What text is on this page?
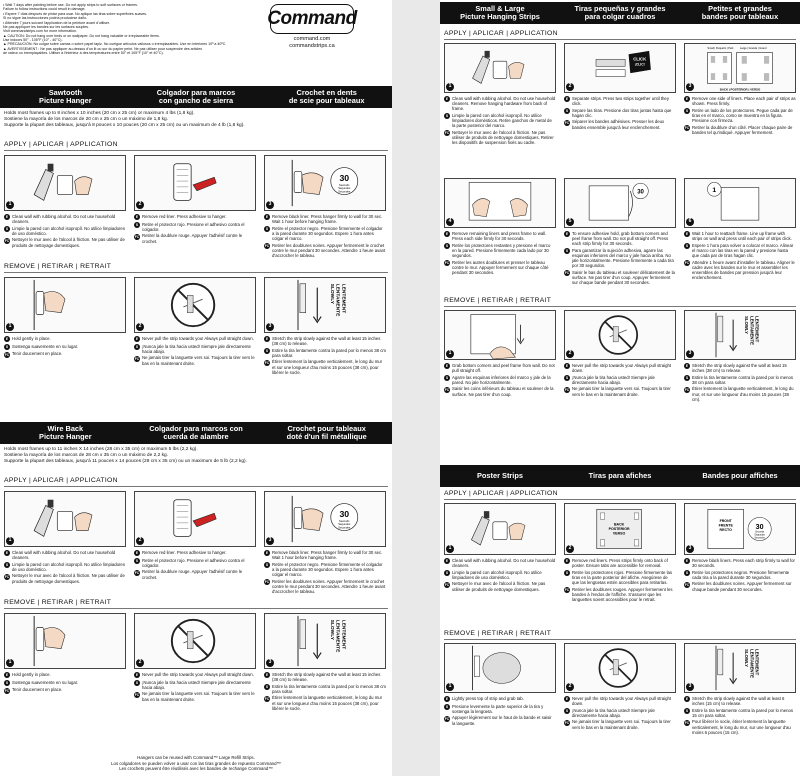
• Wait 7 days after painting before use. Do not apply strips to soft surfaces or frames.
Failure to follow instructions could result in damage.
• Espere 7 días después de pintar para usar. No aplique las tiras sobre superficies suaves.
Si no sigue las instrucciones podría producirse daño.
• Attendre 7 jours suivant l'application de la peinture avant d'utiliser.
Ne pas appliquer les bandes sur les surfaces souples.
Visit commandstrips.com for more information.
▲ CAUTION: Do not hang over beds or on wallpaper. Do not hang valuable or irreplaceable items.
Use indoors 50° - 105°F (10° - 40°C).
▲ PRECAUCIÓN: No colgar sobre camas o sobre papel tapiz. No cuelgue artículos valiosos o irremplazables. Use en interiores 10º a 40ºC.
▲ AVERTISSEMENT : Ne pas appliquer au-dessus d'un lit ou sur du papier peint. Ne pas utiliser pour suspendre des articles
de valeur ou irremplaçables. Utiliser à l'intérieur à des températures entre 50° et 105°F (10° et 40°C).
Command
command.com
commandstrips.ca
Hangers can be reused with Command™ Large Refill Strips.
Los colgadores se pueden volver a usar con las tiras grandes de repuesto Command™
Les crochets peuvent être réutilisés avec les bandes de rechange Command™
Sawtooth
Picture Hanger
Colgador para marcos
con gancho de sierra
Crochet en dents
de scie pour tableaux
Holds most frames up to 8 inches x 10 inches (20 cm x 25 cm) or maximum 4 lbs (1,8 kg).
Sostiene la mayoría de los marcos de 20 cm x 25 cm o un máximo de 1,8 kg.
Supporte la plupart des tableaux, jusqu'à 8 pouces x 10 pouces (20 cm x 25 cm) ou un maximum de 4 lb (1,8 kg).
APPLY | APLICAR | APPLICATION
1
E Clean wall with rubbing alcohol. Do not use household cleaners.
S Limpie la pared con alcohol isopropíl. No utilice limpiadores de uso doméstico.
FC Nettoyer le mur avec de l'alcool à friction. Ne pas utiliser de produits de nettoyage domestiques.
2
E Remove red liner. Press adhesive to hanger.
S Retire el protector rojo. Presione el adhesivo contra el colgador.
FC Retirer la doublure rouge. Appuyer l'adhésif contre le crochet.
30
Seconds
Segundos
Secondes
3
E Remove black liner. Press hanger firmly to wall for 30 sec. Wait 1 hour before hanging frame.
S Retire el protector negro. Presione firmemente el colgador a la pared durante 30 segundos. Espere 1 hora antes colgar el marco.
FC Retirer les doublures noires. Appuyer fermement le crochet contre le mur pendant 30 secondes. Attendre 1 heure avant d'accrocher le tableau.
REMOVE | RETIRAR | RETRAIT
1
E Hold gently in place.
S Sostenga suavemente en su lugar.
FC Tenir doucement en place.
2
E Never pull the strip towards you! Always pull straight down.
S ¡Nunca jale la tira hacia usted! Siempre jale directamente hacia abajo.
FC Ne jamais tirer la languette vers soi. Toujours la tirer vers le bas en la maintenant droite.
SLOWLY LENTAMENTE LENTEMENT
3
E Stretch the strip slowly against the wall at least 15 inches (38 cm) to release.
S Estire la tira lentamente contra la pared por lo menos 38 cm para soltar.
FC Étirer lentement la languette verticalement, le long du mur et sur une longueur d'au moins 15 pouces (38 cm), pour libérer le socle.
Wire Back
Picture Hanger
Colgador para marcos con
cuerda de alambre
Crochet pour tableaux
doté d'un fil métallique
Holds most frames up to 11 inches X 14 inches (28 cm x 35 cm) or maximum 5 lbs (2,2 kg).
Sostiene la mayoría de los marcos de 28 cm x 35 cm o un máximo de 2,2 kg.
Supporte la plupart des tableaux, jusqu'à 11 pouces x 14 pouces (28 cm x 35 cm) ou un maximum de 5 lb (2,2 kg).
APPLY | APLICAR | APPLICATION
1
E Clean wall with rubbing alcohol. Do not use household cleaners.
S Limpie la pared con alcohol isopropíl. No utilice limpiadores de uso doméstico.
FC Nettoyer le mur avec de l'alcool à friction. Ne pas utiliser de produits de nettoyage domestiques.
2
E Remove red liner. Press adhesive to hanger.
S Retire el protector rojo. Presione el adhesivo contra el colgador.
FC Retirer la doublure rouge. Appuyer l'adhésif contre le crochet.
30
Seconds
Segundos
Secondes
3
E Remove black liner. Press hanger firmly to wall for 30 sec. Wait 1 hour before hanging frame.
S Retire el protector negro. Presione firmemente el colgador a la pared durante 30 segundos. Espere 1 hora antes colgar el marco.
FC Retirer les doublures noires. Appuyer fermement le crochet contre le mur pendant 30 secondes. Attendre 1 heure avant d'accrocher le tableau.
REMOVE | RETIRAR | RETRAIT
1
E Hold gently in place.
S Sostenga suavemente en su lugar.
FC Tenir doucement en place.
2
E Never pull the strip towards you! Always pull straight down.
S ¡Nunca jale la tira hacia usted! Siempre jale directamente hacia abajo.
FC Ne jamais tirer la languette vers soi. Toujours la tirer vers le bas en la maintenant droite.
SLOWLY LENTAMENTE LENTEMENT
3
E Stretch the strip slowly against the wall at least 15 inches (38 cm) to release.
S Estire la tira lentamente contra la pared por lo menos 38 cm para soltar.
FC Étirer lentement la languette verticalement, le long du mur et sur une longueur d'au moins 15 pouces (38 cm), pour libérer le socle.
Small & Large
Picture Hanging Strips
Tiras pequeñas y grandes
para colgar cuadros
Petites et grandes
bandes pour tableaux
APPLY | APLICAR | APPLICATION
1
E Clean wall with rubbing alcohol. Do not use household cleaners. Remove hanging hardware from back of frame.
S Limpie la pared con alcohol isopropíl. No utilice limpiadores domésticos. Retire ganchos de metal de la parte posterior del marco.
FC Nettoyer le mur avec de l'alcool à friction. Ne pas utiliser de produits de nettoyage domestiques. Retirer les dispositifs de suspension fixés au cadre.
CLICK
¡CLIC!
2
E Separate strips. Press two strips together until they click.
S Separe las tiras. Presione dos tiras juntas hasta que hagan clic.
FC Séparer les bandes adhésives. Presser les deux bandes ensemble jusqu'à leur enclenchement.
Small | Pequeño | Petit Large | Grande | Grand
BACK | POSTERIOR | VERSO
3
E Remove one side of liners. Place each pair of strips as shown. Press firmly.
S Retire un lado de los protectores. Pegue cada par de tiras en el marco, como se muestra en la figura. Presione con firmeza.
FC Retirer la doublure d'un côté. Placer chaque paire de bandes tel qu'indiqué. Appuyer fermement.
4
E Remove remaining liners and press frame to wall. Press each side firmly for 30 seconds.
S Retire los protectores restantes y presione el marco en la pared. Presione firmemente cada lado por 30 segundos.
FC Retirer les autres doublures et presser le tableau contre le mur. Appuyer fermement sur chaque côté pendant 30 secondes.
30
5
E To ensure adhesive hold, grab bottom corners and peel frame from wall. Do not pull straight off. Press each strip firmly for 30 seconds.
S Para garantizar la sujeción adhesiva, agarre las esquinas inferiores del marco y jale hacia arriba. No jale horizontalmente. Presione firmemente a cada tira por 30 segundos.
FC Saisir le bas du tableau et soulever délicatement de la surface. Ne pas tirer d'un coup. Appuyer fermement sur chaque bande pendant 30 secondes.
1
6
E Wait 1 hour to reattach frame. Line up frame with strips on wall and press until each pair of strips click.
S Espere 1 hora para volver a colocar el marco. Alinear el marco con las tiras en la pared y presione hasta que cada par de tiras hagan clic.
FC Attendre 1 heure avant d'installer le tableau. Aligner le cadre avec les bandes sur le mur et assembler les ensembles de bandes par pression jusqu'à leur enclenchement.
REMOVE | RETIRAR | RETRAIT
1
E Grab bottom corners and peel frame from wall. Do not pull straight off.
S Agarre las esquinas inferiores del marco y jale de la pared. No jale horizontalmente.
FC Saisir les coins inférieurs du tableau et soulever de la surface. Ne pas tirer d'un coup.
2
E Never pull the strip towards you! Always pull straight down.
S ¡Nunca jale la tira hacia usted! Siempre jale directamente hacia abajo.
FC Ne jamais tirer la languette vers soi. Toujours la tirer vers le bas en la maintenant droite.
SLOWLY LENTAMENTE LENTEMENT
3
E Stretch the strip slowly against the wall at least 15 inches (38 cm) to release.
S Estire la tira lentamente contra la pared por lo menos 38 cm para soltar.
FC Étirer lentement la languette verticalement, le long du mur, et sur une longueur d'au moins 15 pouces (38 cm).
Poster Strips	Tiras para afiches	Bandes pour affiches
APPLY | APLICAR | APPLICATION
1
E Clean wall with rubbing alcohol. Do not use household cleaners.
S Limpie la pared con alcohol isopropíl. No utilice limpiadores de uso doméstico.
FC Nettoyer le mur avec de l'alcool à friction. Ne pas utiliser de produits de nettoyage domestiques.
BACK
POSTERIOR
VERSO
2
E Remove red liners. Press strips firmly onto back of poster. Ensure tabs are accessible for removal.
S Retire los protectores rojos. Presione firmemente las tiras en la parte posterior del afiche. Asegúrese de que las lengüetas estén accesibles para retirarlas.
FC Retirer les doublures rouges. Appuyer fermement les bandes à l'endos de l'affiche. S'assurer que les languettes soient accessibles pour le retrait.
FRONT
FRENTE
RECTO	30
Seconds
Segundos
Secondes
3
E Remove black liners. Press each strip firmly to wall for 30 seconds.
S Retire los protectores negros. Presione firmemente cada tira a la pared durante 30 segundos.
FC Retirer les doublures noires. Appuyer fermement sur chaque bande pendant 30 secondes.
REMOVE | RETIRAR | RETRAIT
1
E Lightly press top of strip and grab tab.
S Presione levemente la parte superior de la tira y sostenga la lengüeta.
FC Appuyer légèrement sur le haut de la bande et saisir la languette.
2
E Never pull the strip towards you! Always pull straight down.
S ¡Nunca jale la tira hacia usted! Siempre jale directamente hacia abajo.
FC Ne jamais tirer la languette vers soi. Toujours la tirer vers le bas en la maintenant droite.
SLOWLY LENTAMENTE LENTEMENT
3
E Stretch the strip slowly against the wall at least 6 inches (15 cm) to release.
S Estire la tira lentamente contra la pared por lo menos 15 cm para soltar.
FC Pour libérer le socle, étirer lentement la languette verticalement, le long du mur, sur une longueur d'au moins 6 pouces (15 cm).
